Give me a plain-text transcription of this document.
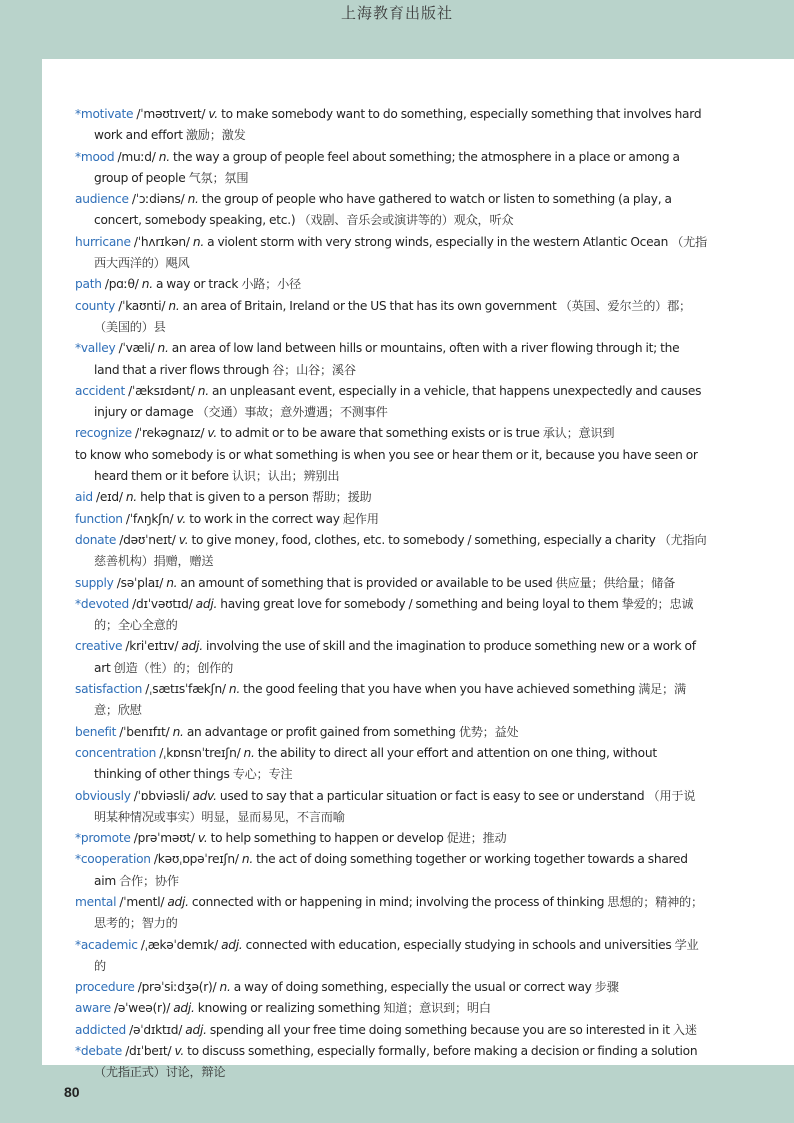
上海教育出版社
*motivate /ˈməʊtɪveɪt/ v. to make somebody want to do something, especially something that involves hard work and effort 激励；激发
*mood /muːd/ n. the way a group of people feel about something; the atmosphere in a place or among a group of people 气氛；氛围
audience /ˈɔːdiəns/ n. the group of people who have gathered to watch or listen to something (a play, a concert, somebody speaking, etc.) （戏剧、音乐会或演讲等的）观众，听众
hurricane /ˈhʌrɪkən/ n. a violent storm with very strong winds, especially in the western Atlantic Ocean （尤指西大西洋的）飓风
path /pɑːθ/ n. a way or track 小路；小径
county /ˈkaʊnti/ n. an area of Britain, Ireland or the US that has its own government （英国、爱尔兰的）郡；（美国的）县
*valley /ˈvæli/ n. an area of low land between hills or mountains, often with a river flowing through it; the land that a river flows through 谷；山谷；溪谷
accident /ˈæksɪdənt/ n. an unpleasant event, especially in a vehicle, that happens unexpectedly and causes injury or damage （交通）事故；意外遭遇；不测事件
recognize /ˈrekəɡnaɪz/ v. to admit or to be aware that something exists or is true 承认；意识到
to know who somebody is or what something is when you see or hear them or it, because you have seen or heard them or it before 认识；认出；辨别出
aid /eɪd/ n. help that is given to a person 帮助；援助
function /ˈfʌŋkʃn/ v. to work in the correct way 起作用
donate /dəʊˈneɪt/ v. to give money, food, clothes, etc. to somebody / something, especially a charity （尤指向慈善机构）捐赠，赠送
supply /səˈplaɪ/ n. an amount of something that is provided or available to be used 供应量；供给量；储备
*devoted /dɪˈvəʊtɪd/ adj. having great love for somebody / something and being loyal to them 挚爱的；忠诚的；全心全意的
creative /kriˈeɪtɪv/ adj. involving the use of skill and the imagination to produce something new or a work of art 创造（性）的；创作的
satisfaction /ˌsætɪsˈfækʃn/ n. the good feeling that you have when you have achieved something 满足；满意；欣慰
benefit /ˈbenɪfɪt/ n. an advantage or profit gained from something 优势；益处
concentration /ˌkɒnsnˈtreɪʃn/ n. the ability to direct all your effort and attention on one thing, without thinking of other things 专心；专注
obviously /ˈɒbviəsli/ adv. used to say that a particular situation or fact is easy to see or understand （用于说明某种情况或事实）明显，显而易见，不言而喻
*promote /prəˈməʊt/ v. to help something to happen or develop 促进；推动
*cooperation /kəʊˌɒpəˈreɪʃn/ n. the act of doing something together or working together towards a shared aim 合作；协作
mental /ˈmentl/ adj. connected with or happening in mind; involving the process of thinking 思想的；精神的；思考的；智力的
*academic /ˌækəˈdemɪk/ adj. connected with education, especially studying in schools and universities 学业的
procedure /prəˈsiːdʒə(r)/ n. a way of doing something, especially the usual or correct way 步骤
aware /əˈweə(r)/ adj. knowing or realizing something 知道；意识到；明白
addicted /əˈdɪktɪd/ adj. spending all your free time doing something because you are so interested in it 入迷
*debate /dɪˈbeɪt/ v. to discuss something, especially formally, before making a decision or finding a solution （尤指正式）讨论，辩论
80
